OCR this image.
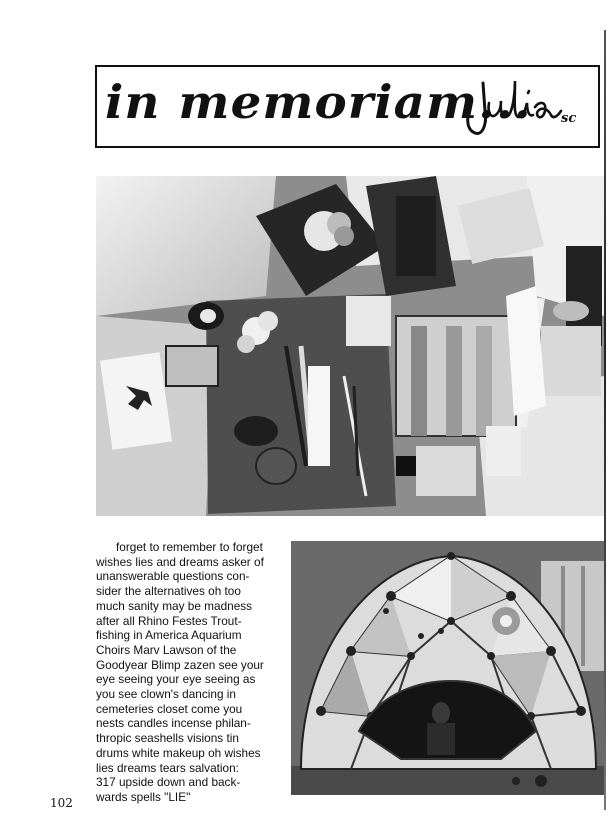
in memoriam... sc
forget to remember to forget
wishes lies and dreams asker of
unanswerable questions con-
sider the alternatives oh too
much sanity may be madness
after all Rhino Festes Trout-
fishing in America Aquarium
Choirs Marv Lawson of the
Goodyear Blimp zazen see your
eye seeing your eye seeing as
you see clown's dancing in
cemeteries closet come you
nests candles incense philan-
thropic seashells visions tin
drums white makeup oh wishes
lies dreams tears salvation:
317 upside down and back-
wards spells "LIE"
102
